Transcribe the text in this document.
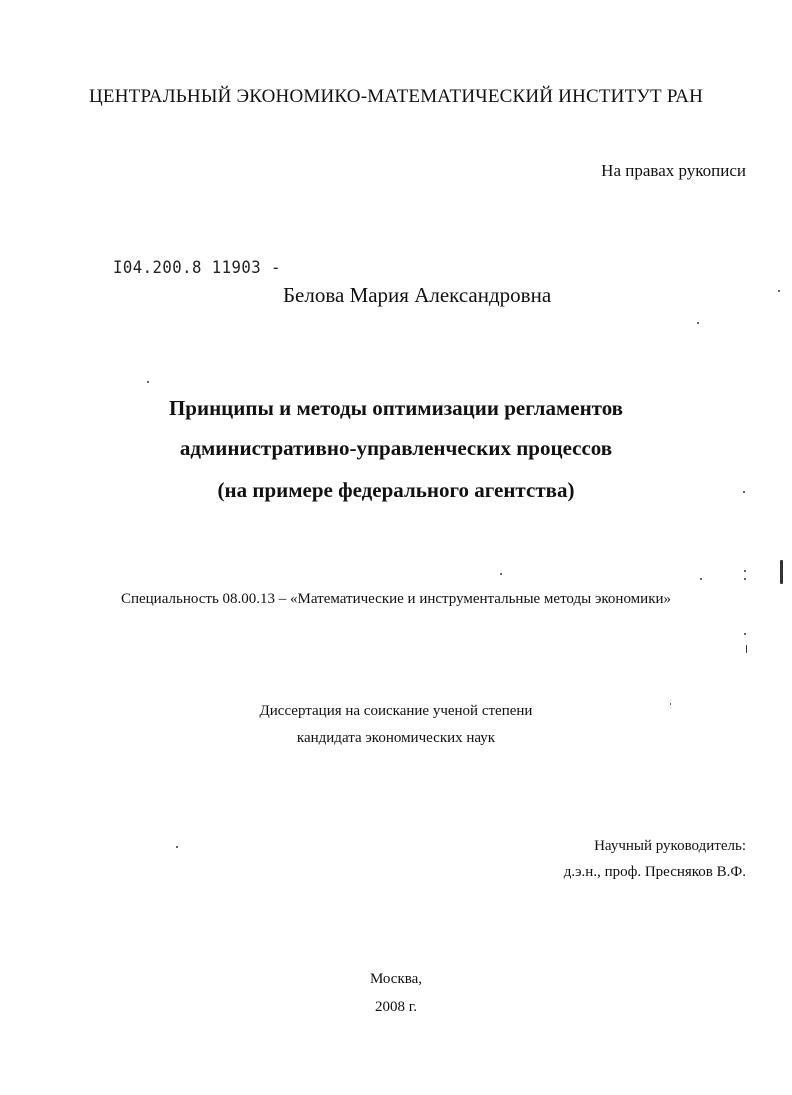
ЦЕНТРАЛЬНЫЙ ЭКОНОМИКО-МАТЕМАТИЧЕСКИЙ ИНСТИТУТ РАН
На правах рукописи
I04.200.8 11903 -
Белова Мария Александровна
Принципы и методы оптимизации регламентов
административно-управленческих процессов
(на примере федерального агентства)
Специальность 08.00.13 – «Математические и инструментальные методы экономики»
Диссертация на соискание ученой степени
кандидата экономических наук
Научный руководитель:
д.э.н., проф. Пресняков В.Ф.
Москва,
2008 г.
